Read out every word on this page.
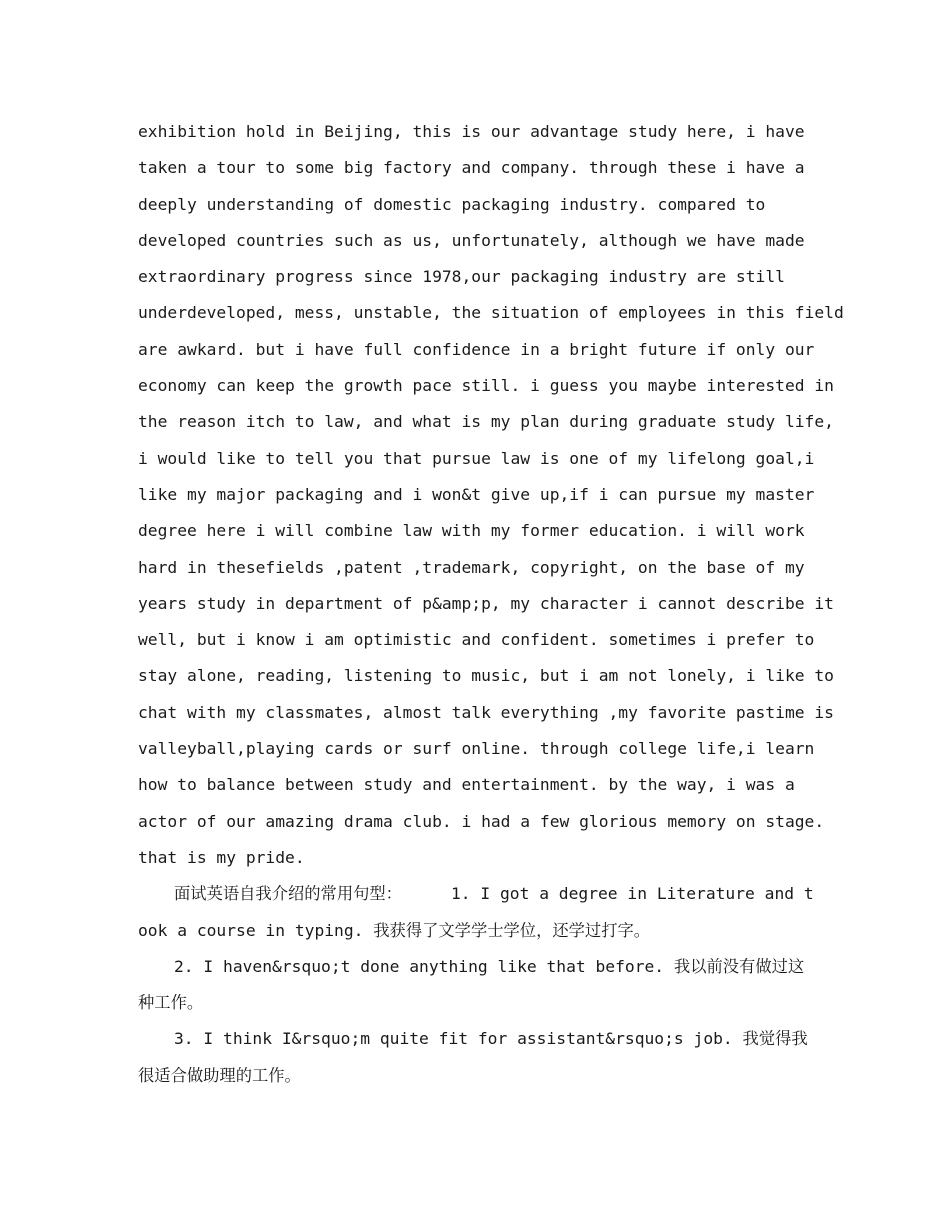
exhibition hold in Beijing, this is our advantage study here, i have
taken a tour to some big factory and company. through these i have a
deeply understanding of domestic packaging industry. compared to
developed countries such as us, unfortunately, although we have made
extraordinary progress since 1978,our packaging industry are still
underdeveloped, mess, unstable, the situation of employees in this field
are awkard. but i have full confidence in a bright future if only our
economy can keep the growth pace still. i guess you maybe interested in
the reason itch to law, and what is my plan during graduate study life,
i would like to tell you that pursue law is one of my lifelong goal,i
like my major packaging and i won&t give up,if i can pursue my master
degree here i will combine law with my former education. i will work
hard in thesefields ,patent ,trademark, copyright, on the base of my
years study in department of p&amp;p, my character i cannot describe it
well, but i know i am optimistic and confident. sometimes i prefer to
stay alone, reading, listening to music, but i am not lonely, i like to
chat with my classmates, almost talk everything ,my favorite pastime is
valleyball,playing cards or surf online. through college life,i learn
how to balance between study and entertainment. by the way, i was a
actor of our amazing drama club. i had a few glorious memory on stage.
that is my pride.

面试英语自我介绍的常用句型：	1. I got a degree in Literature and took a course in typing. 我获得了文学学士学位，还学过打字。

2. I haven&rsquo;t done anything like that before. 我以前没有做过这种工作。

3. I think I&rsquo;m quite fit for assistant&rsquo;s job. 我觉得我很适合做助理的工作。
